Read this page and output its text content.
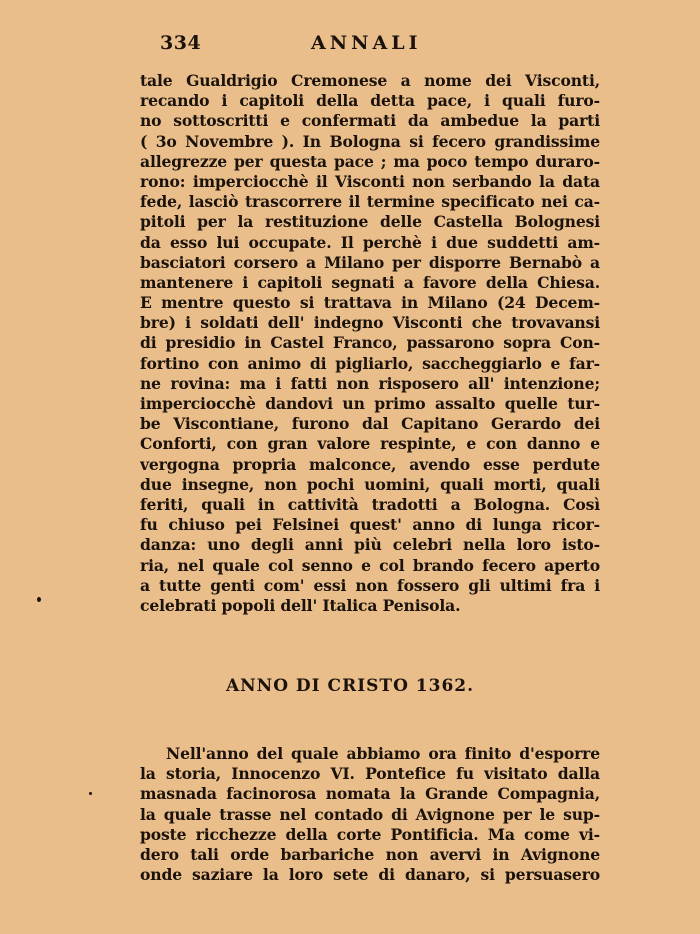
334	ANNALI
tale Gualdrigio Cremonese a nome dei Visconti,
recando i capitoli della detta pace, i quali furo-
no sottoscritti e confermati da ambedue la parti
( 3o Novembre ). In Bologna si fecero grandissime
allegrezze per questa pace ; ma poco tempo duraro-
rono: imperciocchè il Visconti non serbando la data
fede, lasciò trascorrere il termine specificato nei ca-
pitoli per la restituzione delle Castella Bolognesi
da esso lui occupate. Il perchè i due suddetti am-
basciatori corsero a Milano per disporre Bernabò a
mantenere i capitoli segnati a favore della Chiesa.
E mentre questo si trattava in Milano (24 Decem-
bre) i soldati dell' indegno Visconti che trovavansi
di presidio in Castel Franco, passarono sopra Con-
fortino con animo di pigliarlo, saccheggiarlo e far-
ne rovina: ma i fatti non risposero all' intenzione;
imperciocchè dandovi un primo assalto quelle tur-
be Viscontiane, furono dal Capitano Gerardo dei
Conforti, con gran valore respinte, e con danno e
vergogna propria malconce, avendo esse perdute
due insegne, non pochi uomini, quali morti, quali
feriti, quali in cattività tradotti a Bologna. Così
fu chiuso pei Felsinei quest' anno di lunga ricor-
danza: uno degli anni più celebri nella loro isto-
ria, nel quale col senno e col brando fecero aperto
a tutte genti com' essi non fossero gli ultimi fra i
celebrati popoli dell' Italica Penisola.
ANNO DI CRISTO 1362.
Nell'anno del quale abbiamo ora finito d'esporre
la storia, Innocenzo VI. Pontefice fu visitato dalla
masnada facinorosa nomata la Grande Compagnia,
la quale trasse nel contado di Avignone per le sup-
poste ricchezze della corte Pontificia. Ma come vi-
dero tali orde barbariche non avervi in Avignone
onde saziare la loro sete di danaro, si persuasero
